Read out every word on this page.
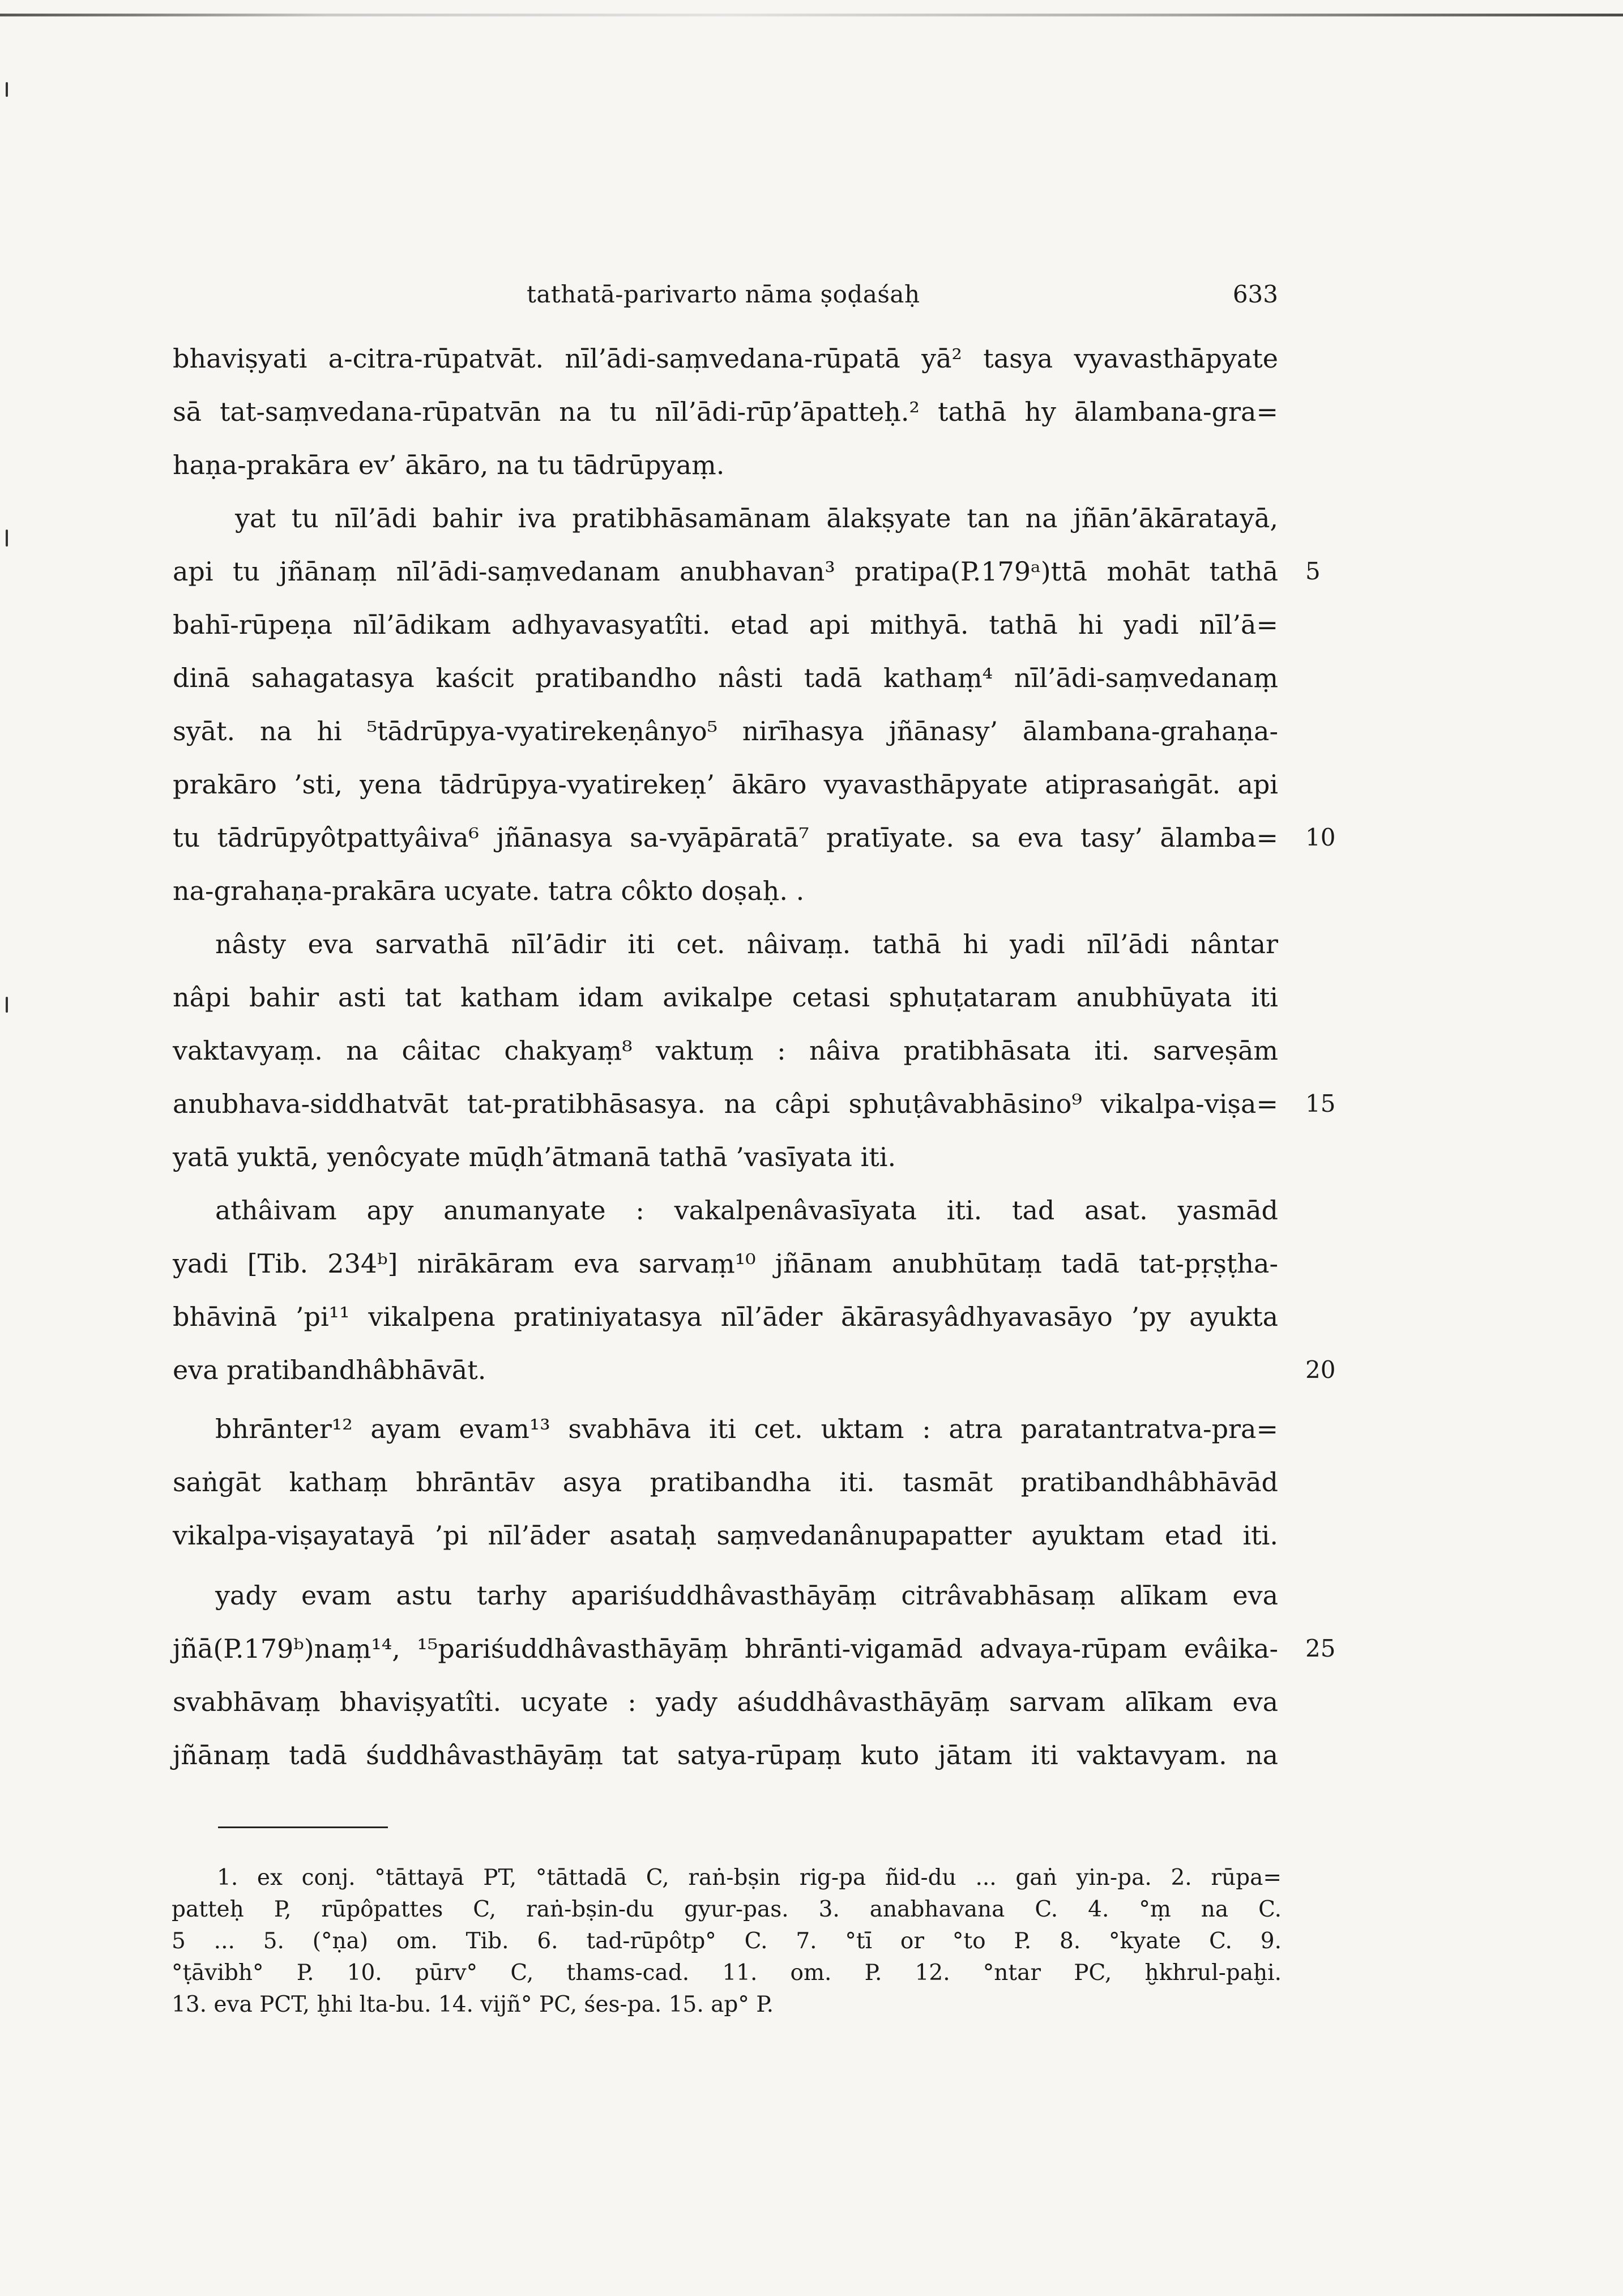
tathatā-parivarto nāma ṣoḍaśaḥ	633
bhaviṣyati a-citra-rūpatvāt. nīl’ādi-saṃvedana-rūpatā yā² tasya vyavasthāpyate
sā tat-saṃvedana-rūpatvān na tu nīl’ādi-rūp’āpatteḥ.² tathā hy ālambana-gra=
haṇa-prakāra ev’ ākāro, na tu tādrūpyaṃ.
yat tu nīl’ādi bahir iva pratibhāsamānam ālakṣyate tan na jñān’ākāratayā,
api tu jñānaṃ nīl’ādi-saṃvedanam anubhavan³ pratipa(P.179ᵃ)ttā mohāt tathā 5
bahī-rūpeṇa nīl’ādikam adhyavasyatîti. etad api mithyā. tathā hi yadi nīl’ā=
dinā sahagatasya kaścit pratibandho nâsti tadā kathaṃ⁴ nīl’ādi-saṃvedanaṃ
syāt. na hi ⁵tādrūpya-vyatirekeṇânyo⁵ nirīhasya jñānasy’ ālambana-grahaṇa-
prakāro ’sti, yena tādrūpya-vyatirekeṇ’ ākāro vyavasthāpyate atiprasaṅgāt. api
tu tādrūpyôtpattyâiva⁶ jñānasya sa-vyāpāratā⁷ pratīyate. sa eva tasy’ ālamba= 10
na-grahaṇa-prakāra ucyate. tatra côkto doṣaḥ. .
nâsty eva sarvathā nīl’ādir iti cet. nâivaṃ. tathā hi yadi nīl’ādi nântar
nâpi bahir asti tat katham idam avikalpe cetasi sphuṭataram anubhūyata iti
vaktavyaṃ. na câitac chakyaṃ⁸ vaktuṃ : nâiva pratibhāsata iti. sarveṣām
anubhava-siddhatvāt tat-pratibhāsasya. na câpi sphuṭâvabhāsino⁹ vikalpa-viṣa= 15
yatā yuktā, yenôcyate mūḍh’ātmanā tathā ’vasīyata iti.
athâivam apy anumanyate : vakalpenâvasīyata iti. tad asat. yasmād
yadi [Tib. 234ᵇ] nirākāram eva sarvaṃ¹⁰ jñānam anubhūtaṃ tadā tat-pṛṣṭha-
bhāvinā ’pi¹¹ vikalpena pratiniyatasya nīl’āder ākārasyâdhyavasāyo ’py ayukta
eva pratibandhâbhāvāt.	20
bhrānter¹² ayam evam¹³ svabhāva iti cet. uktam : atra paratantratva-pra=
saṅgāt kathaṃ bhrāntāv asya pratibandha iti. tasmāt pratibandhâbhāvād
vikalpa-viṣayatayā ’pi nīl’āder asataḥ saṃvedanânupapatter ayuktam etad iti.
yady evam astu tarhy apariśuddhâvasthāyāṃ citrâvabhāsaṃ alīkam eva
jñā(P.179ᵇ)naṃ¹⁴, ¹⁵pariśuddhâvasthāyāṃ bhrānti-vigamād advaya-rūpam evâika- 25
svabhāvaṃ bhaviṣyatîti. ucyate : yady aśuddhâvasthāyāṃ sarvam alīkam eva
jñānaṃ tadā śuddhâvasthāyāṃ tat satya-rūpaṃ kuto jātam iti vaktavyam. na
1. ex conj. °tāttayā PT, °tāttadā C, raṅ-bṣin rig-pa ñid-du ... gaṅ yin-pa. 2. rūpa=
patteḥ P, rūpôpattes C, raṅ-bṣin-du gyur-pas. 3. anabhavana C. 4. °ṃ na C.
5 ... 5. (°ṇa) om. Tib. 6. tad-rūpôtp° C. 7. °tī or °to P. 8. °kyate C. 9.
°ṭāvibh° P. 10. pūrv° C, thams-cad. 11. om. P. 12. °ntar PC, ḫkhrul-paḫi.
13. eva PCT, ḫhi lta-bu. 14. vijñ° PC, śes-pa. 15. ap° P.
